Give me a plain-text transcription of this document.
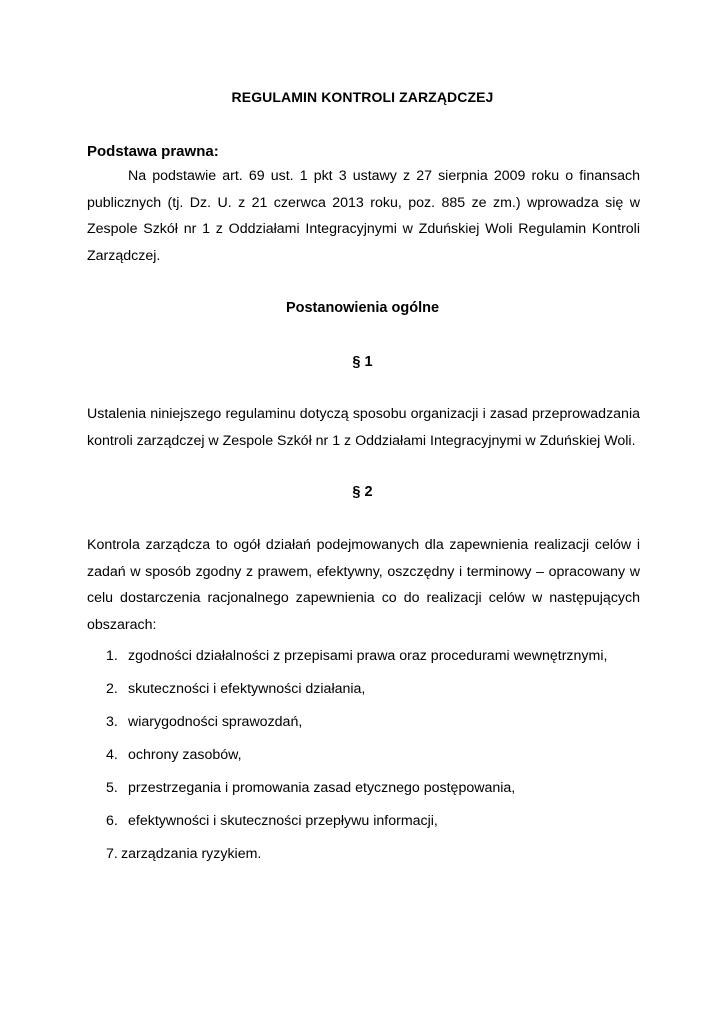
REGULAMIN KONTROLI ZARZĄDCZEJ
Podstawa prawna:

Na podstawie art. 69 ust. 1 pkt 3 ustawy z 27 sierpnia 2009 roku o finansach publicznych (tj. Dz. U. z 21 czerwca 2013 roku, poz. 885 ze zm.) wprowadza się w Zespole Szkół nr 1 z Oddziałami Integracyjnymi w Zduńskiej Woli Regulamin Kontroli Zarządczej.

Postanowienia ogólne
§ 1

Ustalenia niniejszego regulaminu dotyczą sposobu organizacji i zasad przeprowadzania kontroli zarządczej w Zespole Szkół nr 1 z Oddziałami Integracyjnymi w Zduńskiej Woli.

§ 2

Kontrola zarządcza to ogół działań podejmowanych dla zapewnienia realizacji celów i zadań w sposób zgodny z prawem, efektywny, oszczędny i terminowy – opracowany w celu dostarczenia racjonalnego zapewnienia co do realizacji celów w następujących obszarach:

1. zgodności działalności z przepisami prawa oraz procedurami wewnętrznymi,
2. skuteczności i efektywności działania,
3. wiarygodności sprawozdań,
4. ochrony zasobów,
5. przestrzegania i promowania zasad etycznego postępowania,
6. efektywności i skuteczności przepływu informacji,
7. zarządzania ryzykiem.
